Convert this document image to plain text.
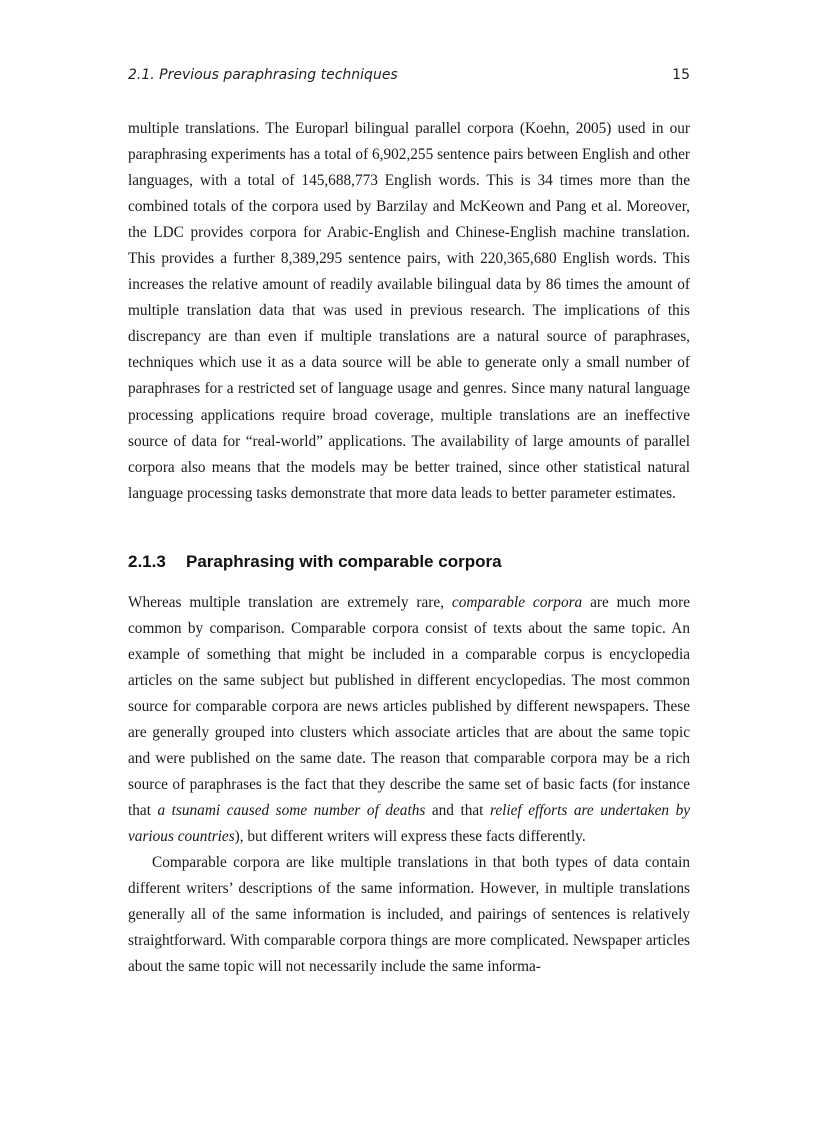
2.1. Previous paraphrasing techniques	15

multiple translations. The Europarl bilingual parallel corpora (Koehn, 2005) used in our paraphrasing experiments has a total of 6,902,255 sentence pairs between English and other languages, with a total of 145,688,773 English words. This is 34 times more than the combined totals of the corpora used by Barzilay and McKeown and Pang et al. Moreover, the LDC provides corpora for Arabic-English and Chinese-English machine translation. This provides a further 8,389,295 sentence pairs, with 220,365,680 English words. This increases the relative amount of readily available bilingual data by 86 times the amount of multiple translation data that was used in previous research. The implications of this discrepancy are than even if multiple translations are a natural source of paraphrases, techniques which use it as a data source will be able to generate only a small number of paraphrases for a restricted set of language usage and genres. Since many natural language processing applications require broad coverage, multiple translations are an ineffective source of data for “real-world” applications. The availability of large amounts of parallel corpora also means that the models may be better trained, since other statistical natural language processing tasks demonstrate that more data leads to better parameter estimates.

2.1.3 Paraphrasing with comparable corpora

Whereas multiple translation are extremely rare, comparable corpora are much more common by comparison. Comparable corpora consist of texts about the same topic. An example of something that might be included in a comparable corpus is encyclopedia articles on the same subject but published in different encyclopedias. The most common source for comparable corpora are news articles published by different newspapers. These are generally grouped into clusters which associate articles that are about the same topic and were published on the same date. The reason that comparable corpora may be a rich source of paraphrases is the fact that they describe the same set of basic facts (for instance that a tsunami caused some number of deaths and that relief efforts are undertaken by various countries), but different writers will express these facts differently.

Comparable corpora are like multiple translations in that both types of data contain different writers’ descriptions of the same information. However, in multiple translations generally all of the same information is included, and pairings of sentences is relatively straightforward. With comparable corpora things are more complicated. Newspaper articles about the same topic will not necessarily include the same informa-
